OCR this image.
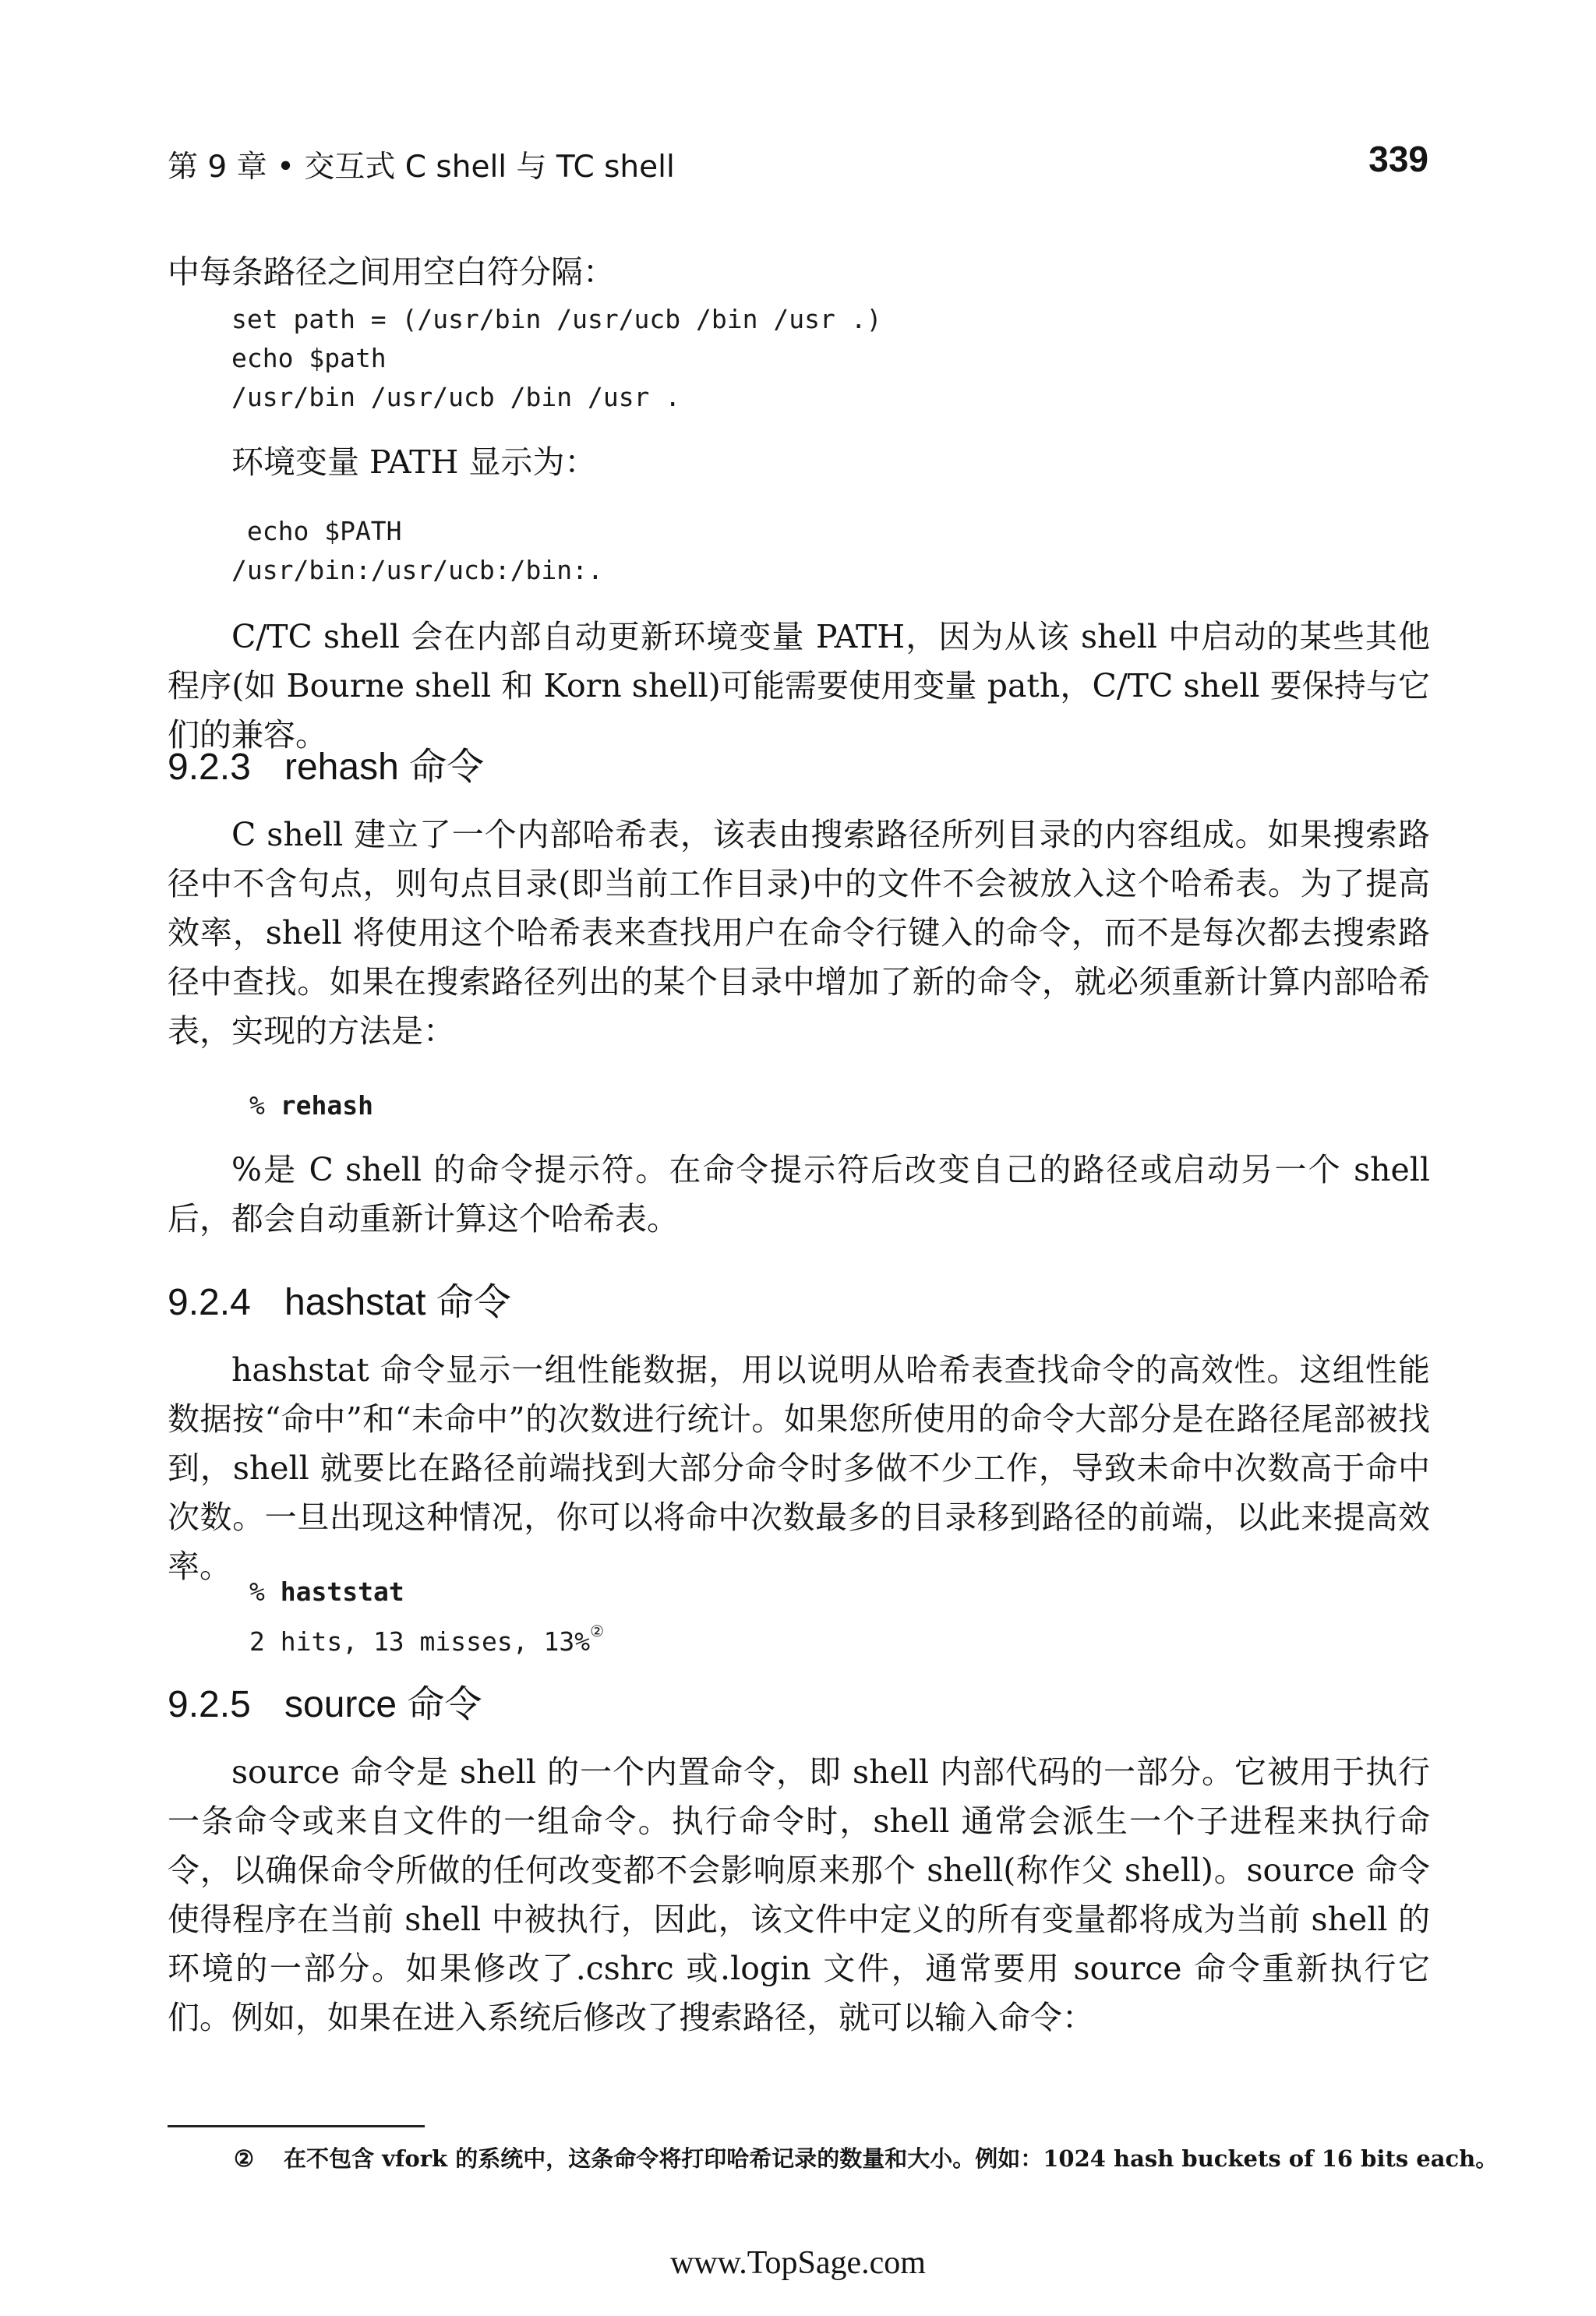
第 9 章 • 交互式 C shell 与 TC shell	339

中每条路径之间用空白符分隔：

set path = (/usr/bin /usr/ucb /bin /usr .)
echo $path
/usr/bin /usr/ucb /bin /usr .

环境变量 PATH 显示为：

echo $PATH
/usr/bin:/usr/ucb:/bin:.

C/TC shell 会在内部自动更新环境变量 PATH，因为从该 shell 中启动的某些其他程序(如 Bourne shell 和 Korn shell)可能需要使用变量 path，C/TC shell 要保持与它们的兼容。

9.2.3 rehash 命令

C shell 建立了一个内部哈希表，该表由搜索路径所列目录的内容组成。如果搜索路径中不含句点，则句点目录(即当前工作目录)中的文件不会被放入这个哈希表。为了提高效率，shell 将使用这个哈希表来查找用户在命令行键入的命令，而不是每次都去搜索路径中查找。如果在搜索路径列出的某个目录中增加了新的命令，就必须重新计算内部哈希表，实现的方法是：

% rehash

%是 C shell 的命令提示符。在命令提示符后改变自己的路径或启动另一个 shell 后，都会自动重新计算这个哈希表。

9.2.4 hashstat 命令

hashstat 命令显示一组性能数据，用以说明从哈希表查找命令的高效性。这组性能数据按“命中”和“未命中”的次数进行统计。如果您所使用的命令大部分是在路径尾部被找到，shell 就要比在路径前端找到大部分命令时多做不少工作，导致未命中次数高于命中次数。一旦出现这种情况，你可以将命中次数最多的目录移到路径的前端，以此来提高效率。

% haststat
2 hits, 13 misses, 13%②
9.2.5 source 命令

source 命令是 shell 的一个内置命令，即 shell 内部代码的一部分。它被用于执行一条命令或来自文件的一组命令。执行命令时，shell 通常会派生一个子进程来执行命令，以确保命令所做的任何改变都不会影响原来那个 shell(称作父 shell)。source 命令使得程序在当前 shell 中被执行，因此，该文件中定义的所有变量都将成为当前 shell 的环境的一部分。如果修改了.cshrc 或.login 文件，通常要用 source 命令重新执行它们。例如，如果在进入系统后修改了搜索路径，就可以输入命令：

② 在不包含 vfork 的系统中，这条命令将打印哈希记录的数量和大小。例如：1024 hash buckets of 16 bits each。
www.TopSage.com
